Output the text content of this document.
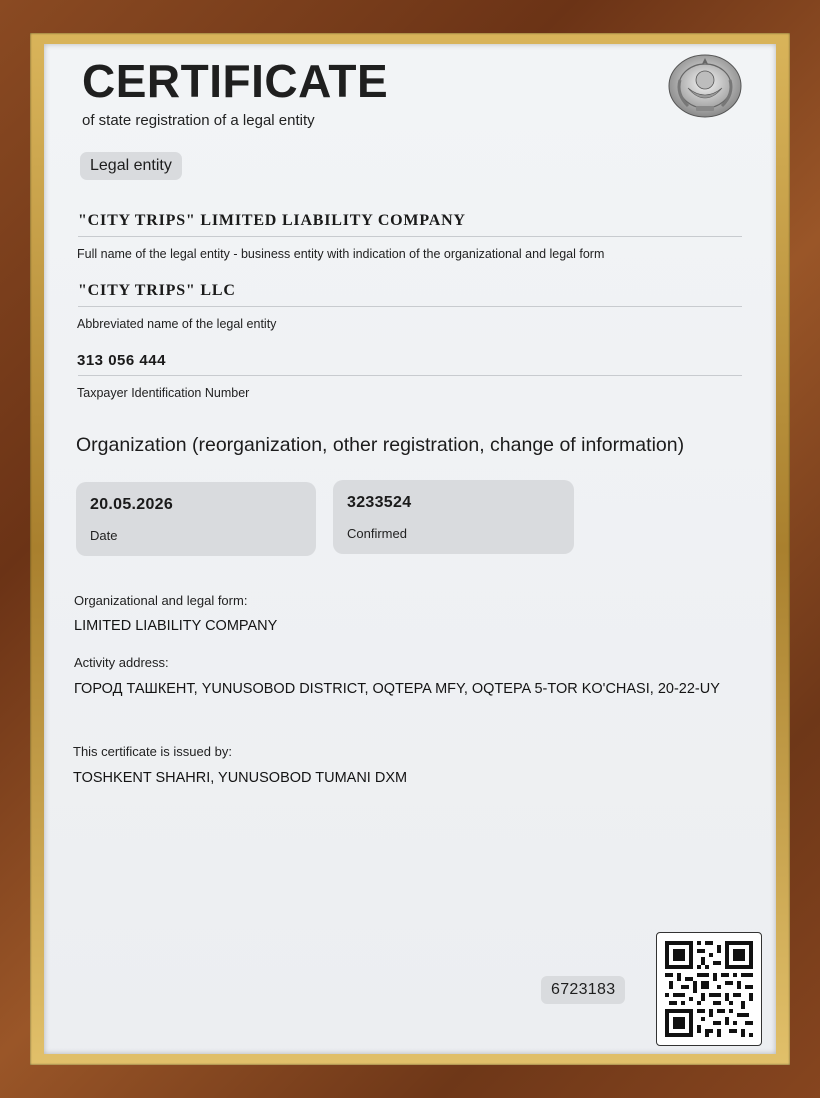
CERTIFICATE
of state registration of a legal entity
Legal entity
"CITY TRIPS" LIMITED LIABILITY COMPANY
Full name of the legal entity - business entity with indication of the organizational and legal form
"CITY TRIPS" LLC
Abbreviated name of the legal entity
313 056 444
Taxpayer Identification Number
Organization (reorganization, other registration, change of information)
20.05.2026
Date
3233524
Confirmed
Organizational and legal form:
LIMITED LIABILITY COMPANY
Activity address:
ГОРОД ТАШКЕНТ, YUNUSOBOD DISTRICT, OQTEPA MFY, OQTEPA 5-TOR KO'CHASI, 20-22-UY
This certificate is issued by:
TOSHKENT SHAHRI, YUNUSOBOD TUMANI DXM
6723183
